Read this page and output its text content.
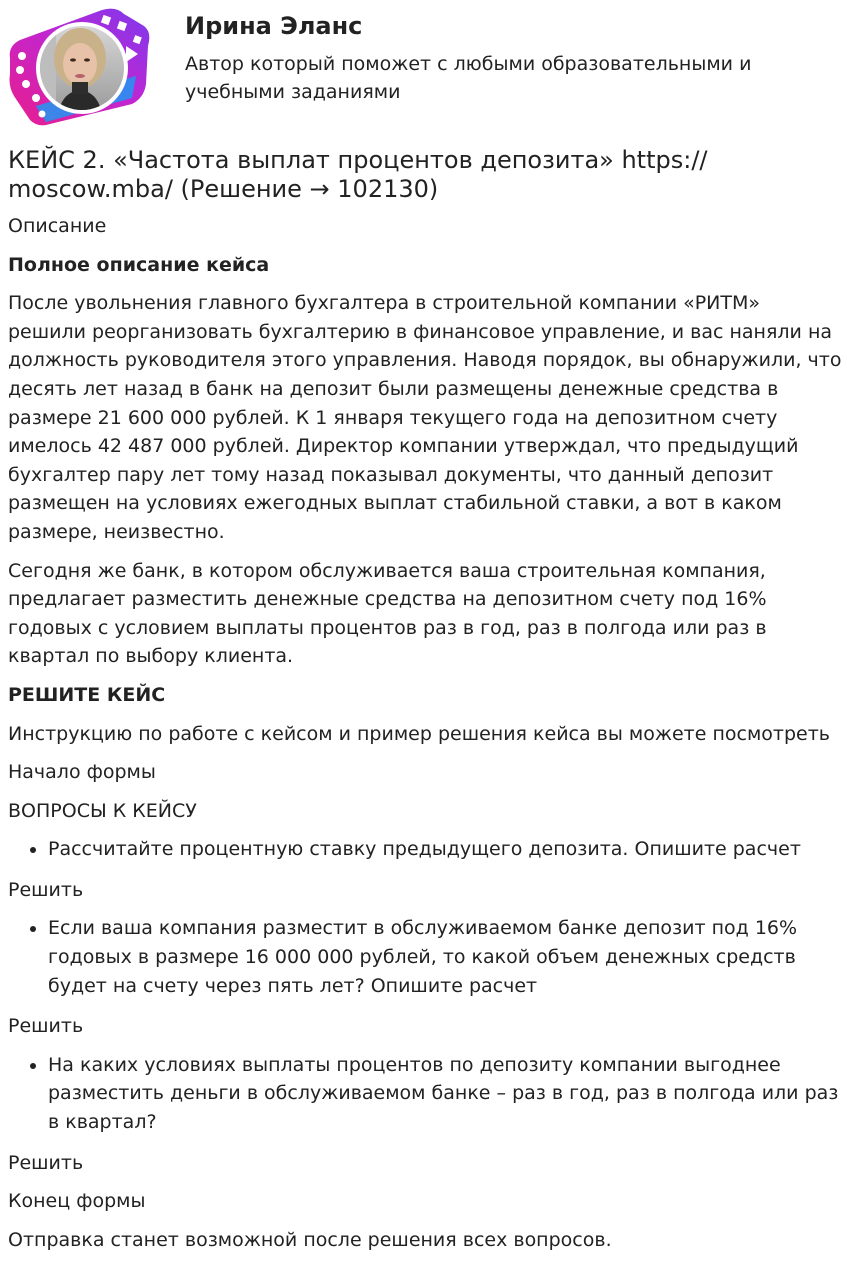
Ирина Эланс
Автор который поможет с любыми образовательными и учебными заданиями
КЕЙС 2. «Частота выплат процентов депозита» https:// moscow.mba/ (Решение → 102130)

Описание

Полное описание кейса

После увольнения главного бухгалтера в строительной компании «РИТМ» решили реорганизовать бухгалтерию в финансовое управление, и вас наняли на должность руководителя этого управления. Наводя порядок, вы обнаружили, что десять лет назад в банк на депозит были размещены денежные средства в размере 21 600 000 рублей. К 1 января текущего года на депозитном счету имелось 42 487 000 рублей. Директор компании утверждал, что предыдущий бухгалтер пару лет тому назад показывал документы, что данный депозит размещен на условиях ежегодных выплат стабильной ставки, а вот в каком размере, неизвестно.

Сегодня же банк, в котором обслуживается ваша строительная компания, предлагает разместить денежные средства на депозитном счету под 16% годовых с условием выплаты процентов раз в год, раз в полгода или раз в квартал по выбору клиента.

РЕШИТЕ КЕЙС

Инструкцию по работе с кейсом и пример решения кейса вы можете посмотреть

Начало формы

ВОПРОСЫ К КЕЙСУ

• Рассчитайте процентную ставку предыдущего депозита. Опишите расчет

Решить

• Если ваша компания разместит в обслуживаемом банке депозит под 16% годовых в размере 16 000 000 рублей, то какой объем денежных средств будет на счету через пять лет? Опишите расчет

Решить

• На каких условиях выплаты процентов по депозиту компании выгоднее разместить деньги в обслуживаемом банке – раз в год, раз в полгода или раз в квартал?

Решить

Конец формы

Отправка станет возможной после решения всех вопросов.
